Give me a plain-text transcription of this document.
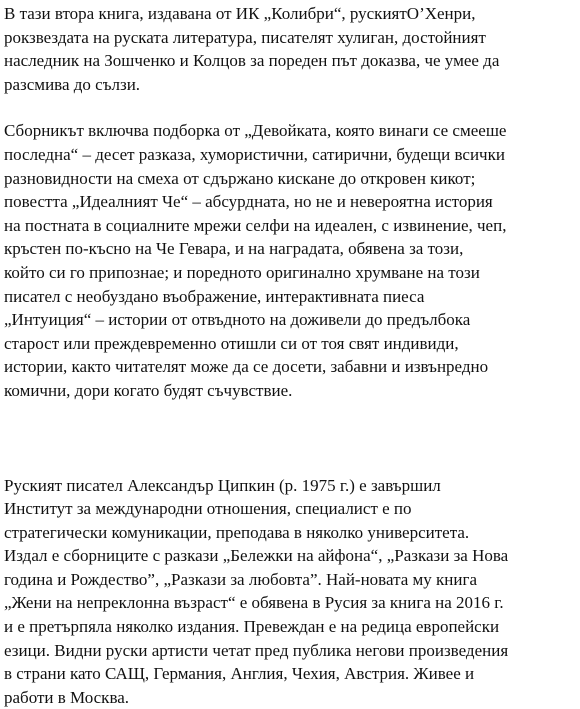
В тази втора книга, издавана от ИК „Колибри“, рускиятО’Хенри,
рокзвездата на руската литература, писателят хулиган, достойният
наследник на Зошченко и Колцов за пореден път доказва, че умее да
разсмива до сълзи.

Сборникът включва подборка от „Девойката, която винаги се смееше
последна“ – десет разказа, хумористични, сатирични, будещи всички
разновидности на смеха от сдържано кискане до откровен кикот;
повестта „Идеалният Че“ – абсурдната, но не и невероятна история
на постната в социалните мрежи селфи на идеален, с извинение, чеп,
кръстен по-късно на Че Гевара, и на наградата, обявена за този,
който си го припознае; и поредното оригинално хрумване на този
писател с необуздано въображение, интерактивната пиеса
„Интуиция“ – истории от отвъдното на доживели до предълбока
старост или преждевременно отишли си от тоя свят индивиди,
истории, както читателят може да се досети, забавни и извънредно
комични, дори когато будят съчувствие.

Руският писател Александър Ципкин (р. 1975 г.) е завършил
Институт за международни отношения, специалист е по
стратегически комуникации, преподава в няколко университета.
Издал е сборниците с разкази „Бележки на айфона“, „Разкази за Нова
година и Рождество”, „Разкази за любовта”. Най-новата му книга
„Жени на непреклонна възраст“ е обявена в Русия за книга на 2016 г.
и е претърпяла няколко издания. Превеждан е на редица европейски
езици. Видни руски артисти четат пред публика негови произведения
в страни като САЩ, Германия, Англия, Чехия, Австрия. Живее и
работи в Москва.
